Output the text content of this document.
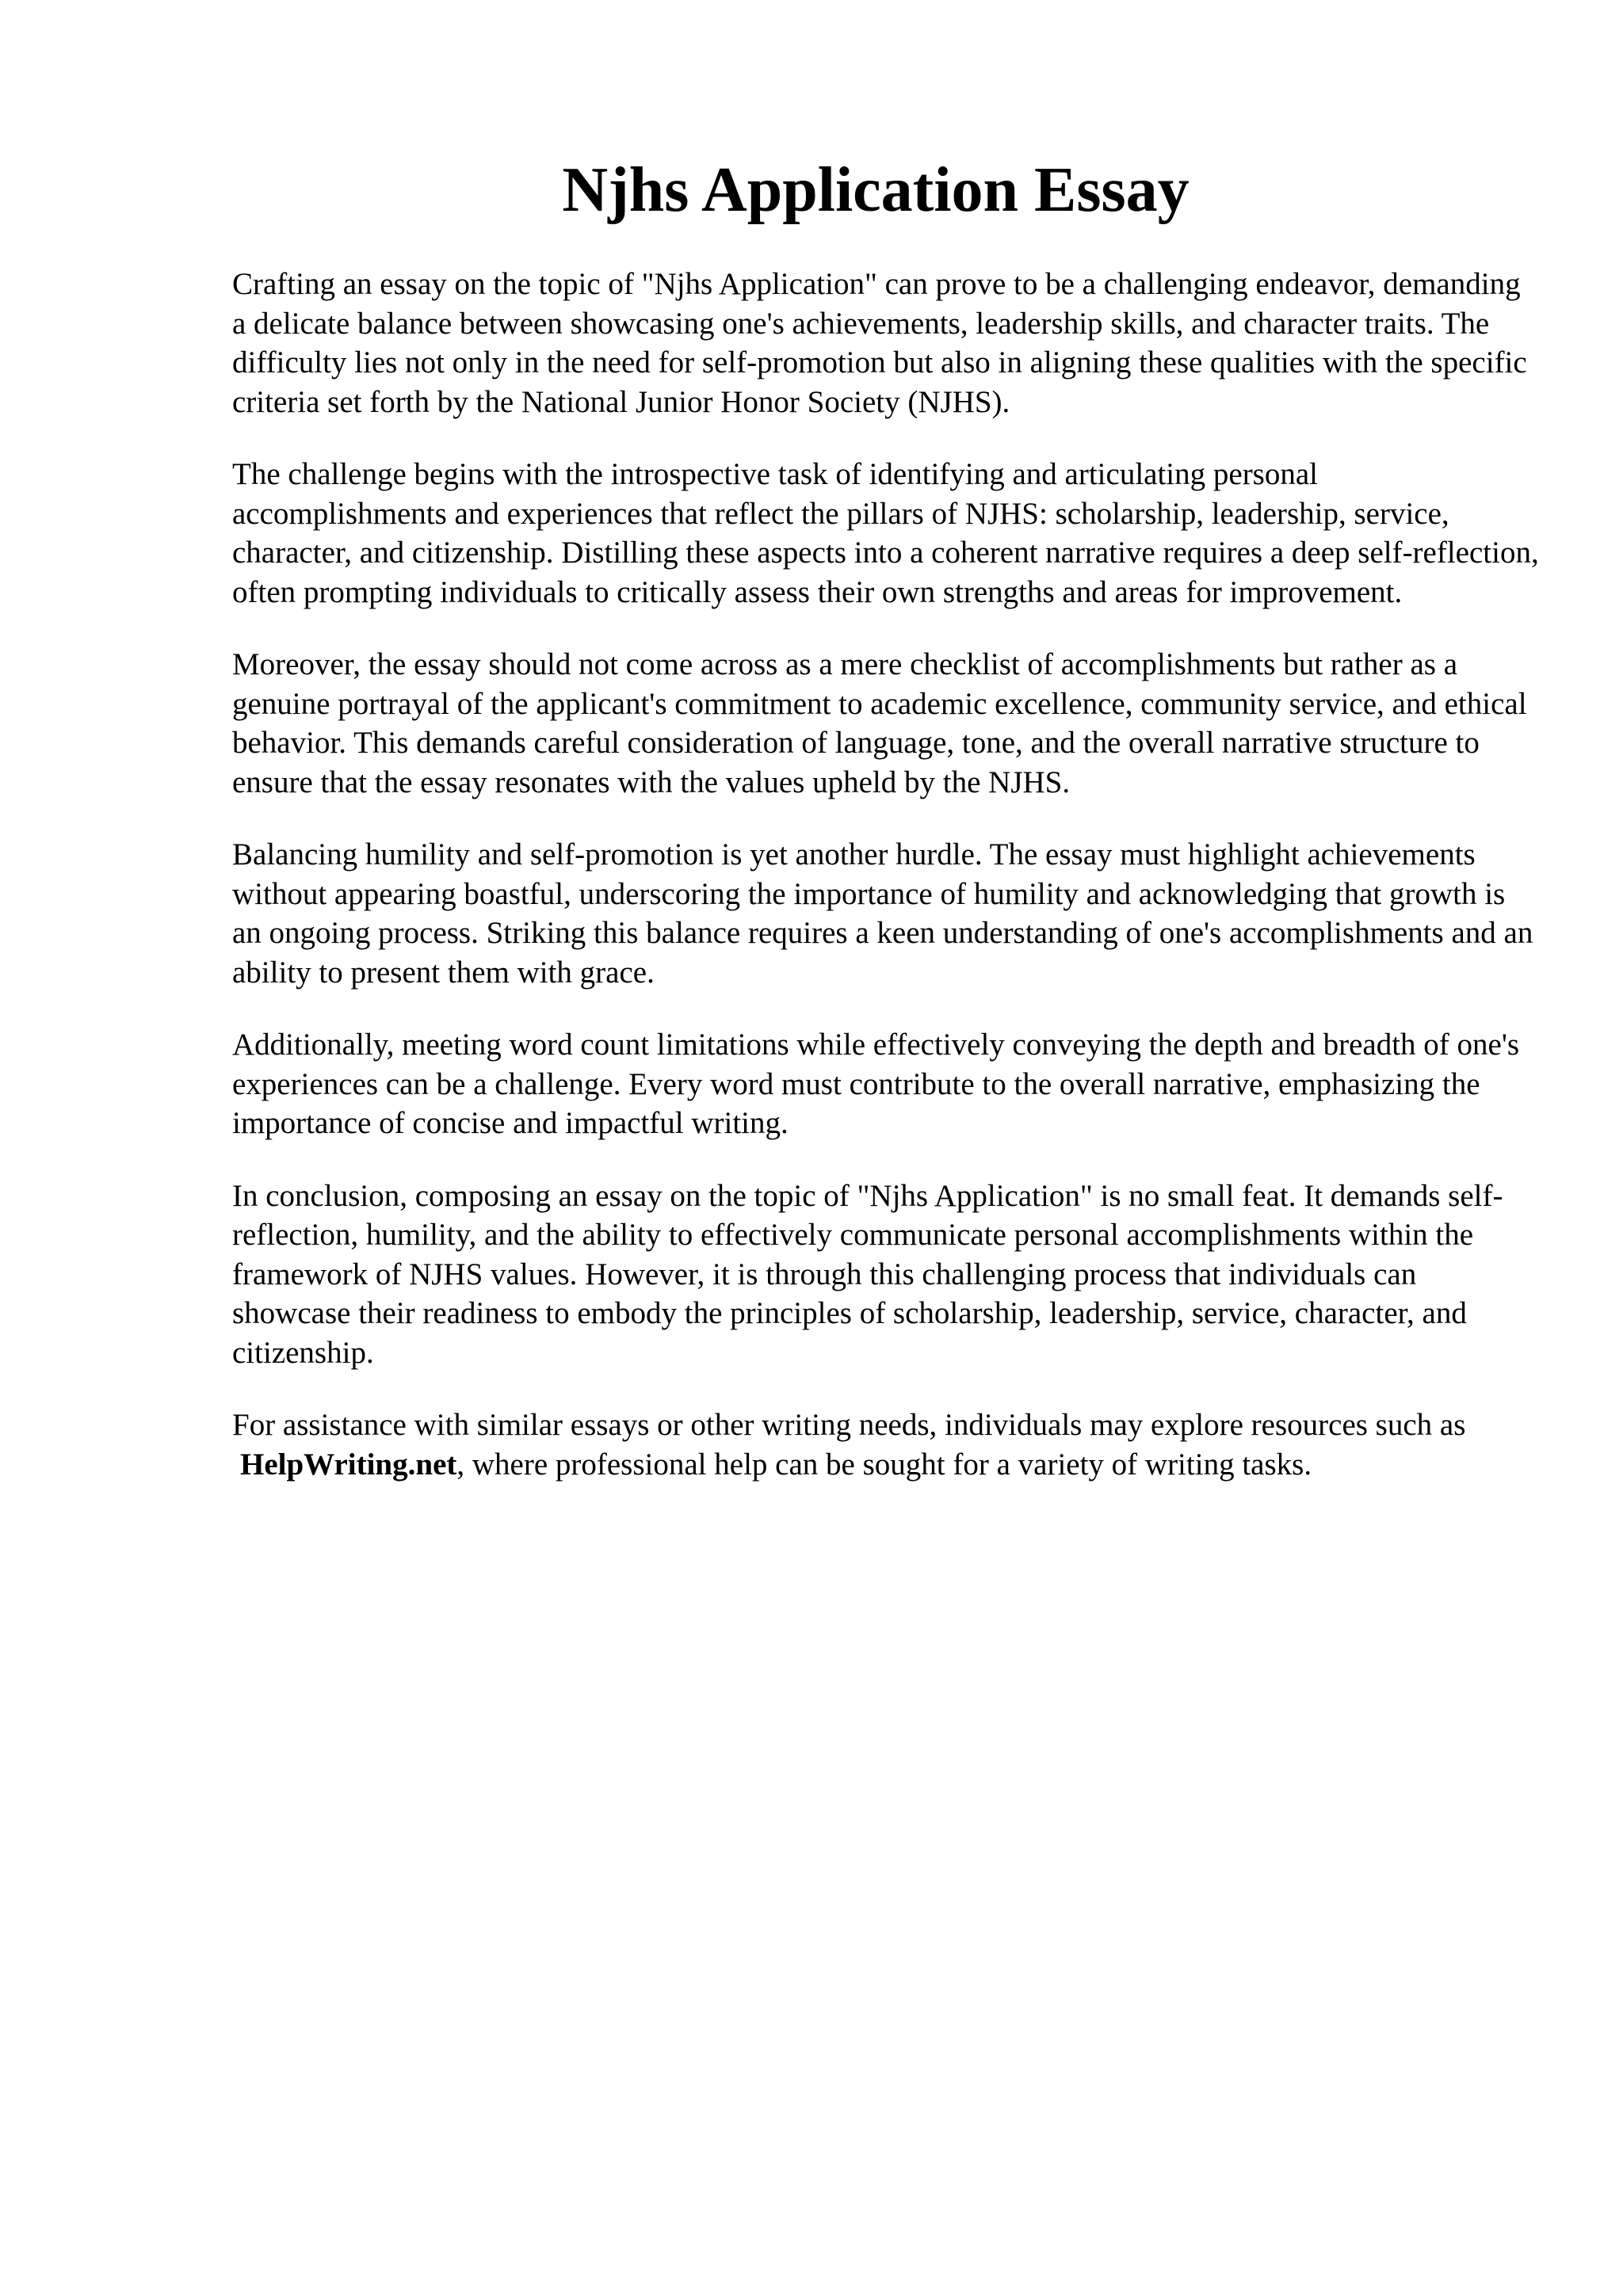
Njhs Application Essay

Crafting an essay on the topic of "Njhs Application" can prove to be a challenging endeavor, demanding a delicate balance between showcasing one's achievements, leadership skills, and character traits. The difficulty lies not only in the need for self-promotion but also in aligning these qualities with the specific criteria set forth by the National Junior Honor Society (NJHS).

The challenge begins with the introspective task of identifying and articulating personal accomplishments and experiences that reflect the pillars of NJHS: scholarship, leadership, service, character, and citizenship. Distilling these aspects into a coherent narrative requires a deep self-reflection, often prompting individuals to critically assess their own strengths and areas for improvement.

Moreover, the essay should not come across as a mere checklist of accomplishments but rather as a genuine portrayal of the applicant's commitment to academic excellence, community service, and ethical behavior. This demands careful consideration of language, tone, and the overall narrative structure to ensure that the essay resonates with the values upheld by the NJHS.

Balancing humility and self-promotion is yet another hurdle. The essay must highlight achievements without appearing boastful, underscoring the importance of humility and acknowledging that growth is an ongoing process. Striking this balance requires a keen understanding of one's accomplishments and an ability to present them with grace.

Additionally, meeting word count limitations while effectively conveying the depth and breadth of one's experiences can be a challenge. Every word must contribute to the overall narrative, emphasizing the importance of concise and impactful writing.

In conclusion, composing an essay on the topic of "Njhs Application" is no small feat. It demands self-reflection, humility, and the ability to effectively communicate personal accomplishments within the framework of NJHS values. However, it is through this challenging process that individuals can showcase their readiness to embody the principles of scholarship, leadership, service, character, and citizenship.

For assistance with similar essays or other writing needs, individuals may explore resources such as HelpWriting.net, where professional help can be sought for a variety of writing tasks.
